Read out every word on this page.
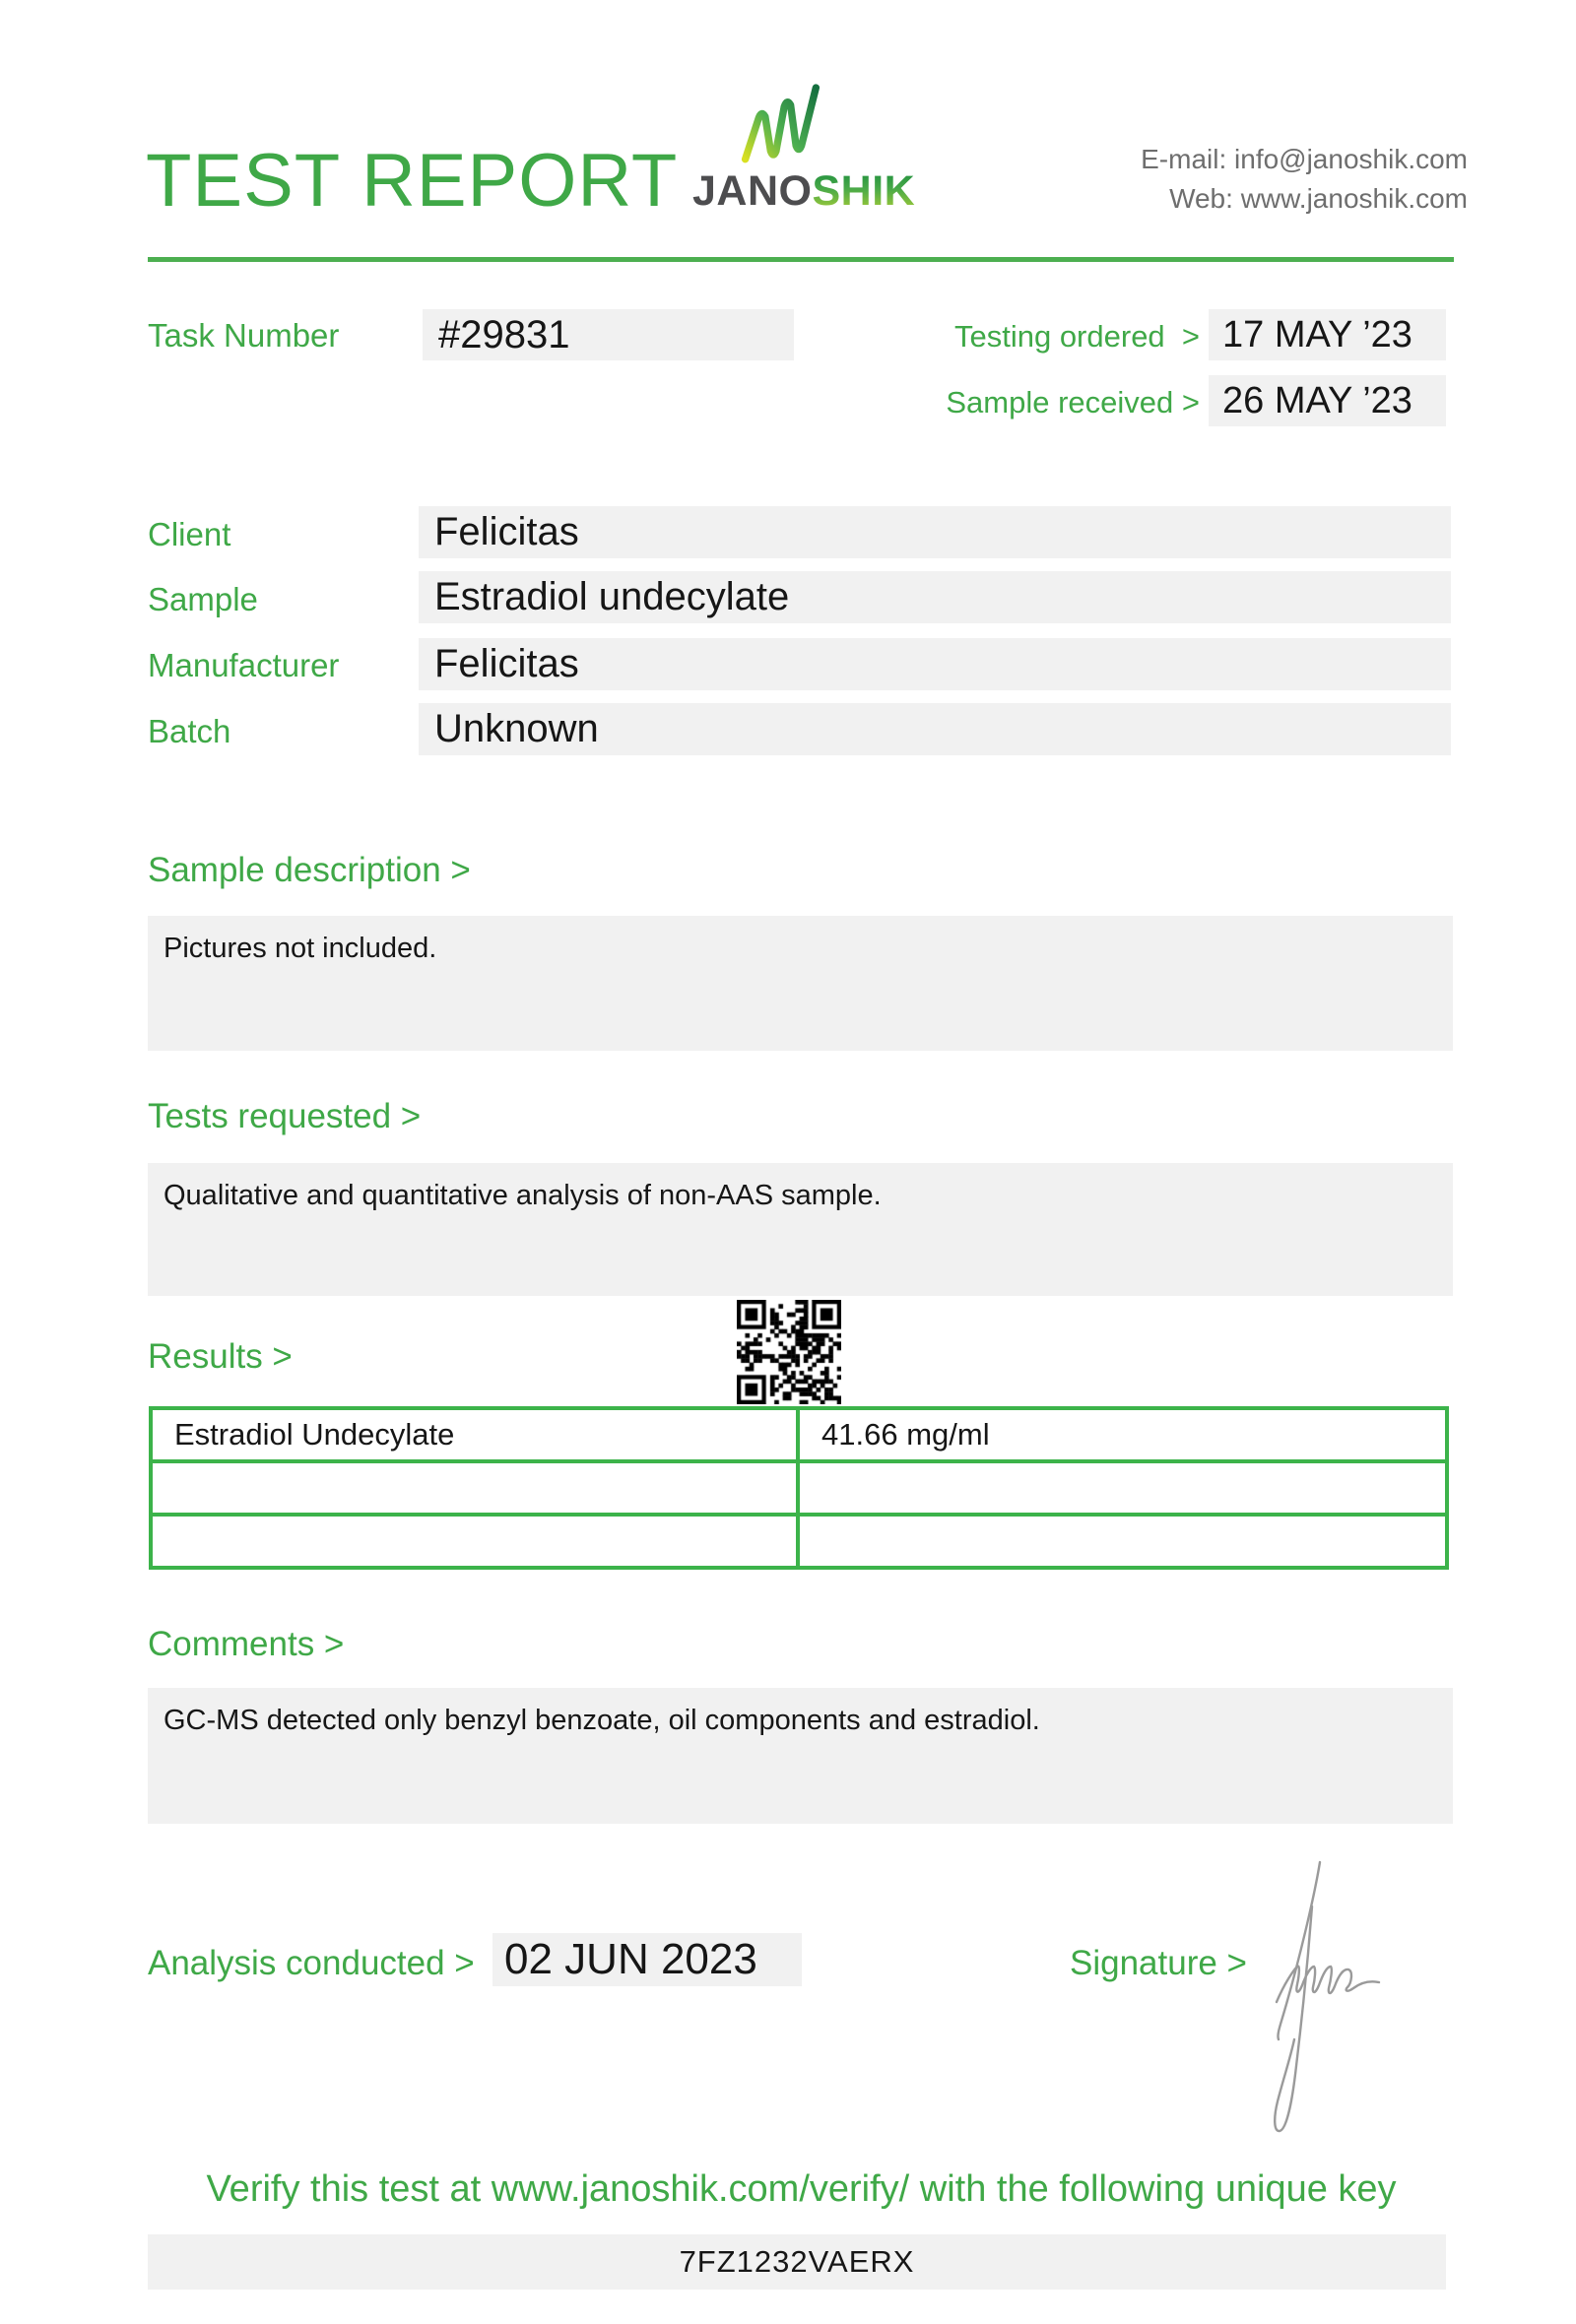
TEST REPORT JANOSHIK
E-mail: info@janoshik.com
Web: www.janoshik.com
Task Number	#29831	Testing ordered  > 17 MAY ’23
Sample received > 26 MAY ’23
Client	Felicitas
Sample	Estradiol undecylate
Manufacturer	Felicitas
Batch	Unknown
Sample description >
Pictures not included.
Tests requested >
Qualitative and quantitative analysis of non-AAS sample.
Results >
Estradiol Undecylate	41.66 mg/ml

Comments >
GC-MS detected only benzyl benzoate, oil components and estradiol.
Analysis conducted > 02 JUN 2023	Signature >
Verify this test at www.janoshik.com/verify/ with the following unique key
7FZ1232VAERX
